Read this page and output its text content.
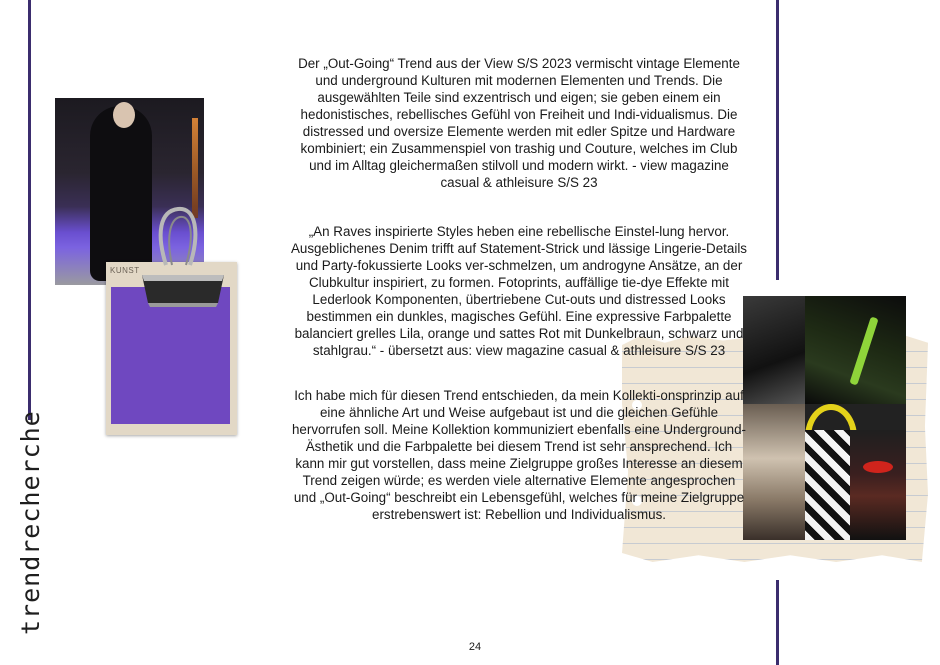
trendrecherche
KUNST

Der „Out-Going“ Trend aus der View S/S 2023 vermischt vintage Elemente und underground Kulturen mit modernen Elementen und Trends. Die ausgewählten Teile sind exzentrisch und eigen; sie geben einem ein hedonistisches, rebellisches Gefühl von Freiheit und Indi-vidualismus. Die distressed und oversize Elemente werden mit edler Spitze und Hardware kombiniert; ein Zusammenspiel von trashig und Couture, welches im Club und im Alltag gleichermaßen stilvoll und modern wirkt. - view magazine casual & athleisure S/S 23

„An Raves inspirierte Styles heben eine rebellische Einstel-lung hervor. Ausgeblichenes Denim trifft auf Statement-Strick und lässige Lingerie-Details und Party-fokussierte Looks ver-schmelzen, um androgyne Ansätze, an der Clubkultur inspiriert, zu formen. Fotoprints, auffällige tie-dye Effekte mit Lederlook Komponenten, übertriebene Cut-outs und distressed Looks bestimmen ein dunkles, magisches Gefühl. Eine expressive Farbpalette balanciert grelles Lila, orange und sattes Rot mit Dunkelbraun, schwarz und stahlgrau.“ - übersetzt aus: view magazine casual & athleisure S/S 23

Ich habe mich für diesen Trend entschieden, da mein Kollekti-onsprinzip auf eine ähnliche Art und Weise aufgebaut ist und die gleichen Gefühle hervorrufen soll. Meine Kollektion kommuniziert ebenfalls eine Underground-Ästhetik und die Farbpalette bei diesem Trend ist sehr ansprechend. Ich kann mir gut vorstellen, dass meine Zielgruppe großes Interesse an diesem Trend zeigen würde; es werden viele alternative Elemente angesprochen und „Out-Going“ beschreibt ein Lebensgefühl, welches für meine Zielgruppe erstrebenswert ist: Rebellion und Individualismus.

24
